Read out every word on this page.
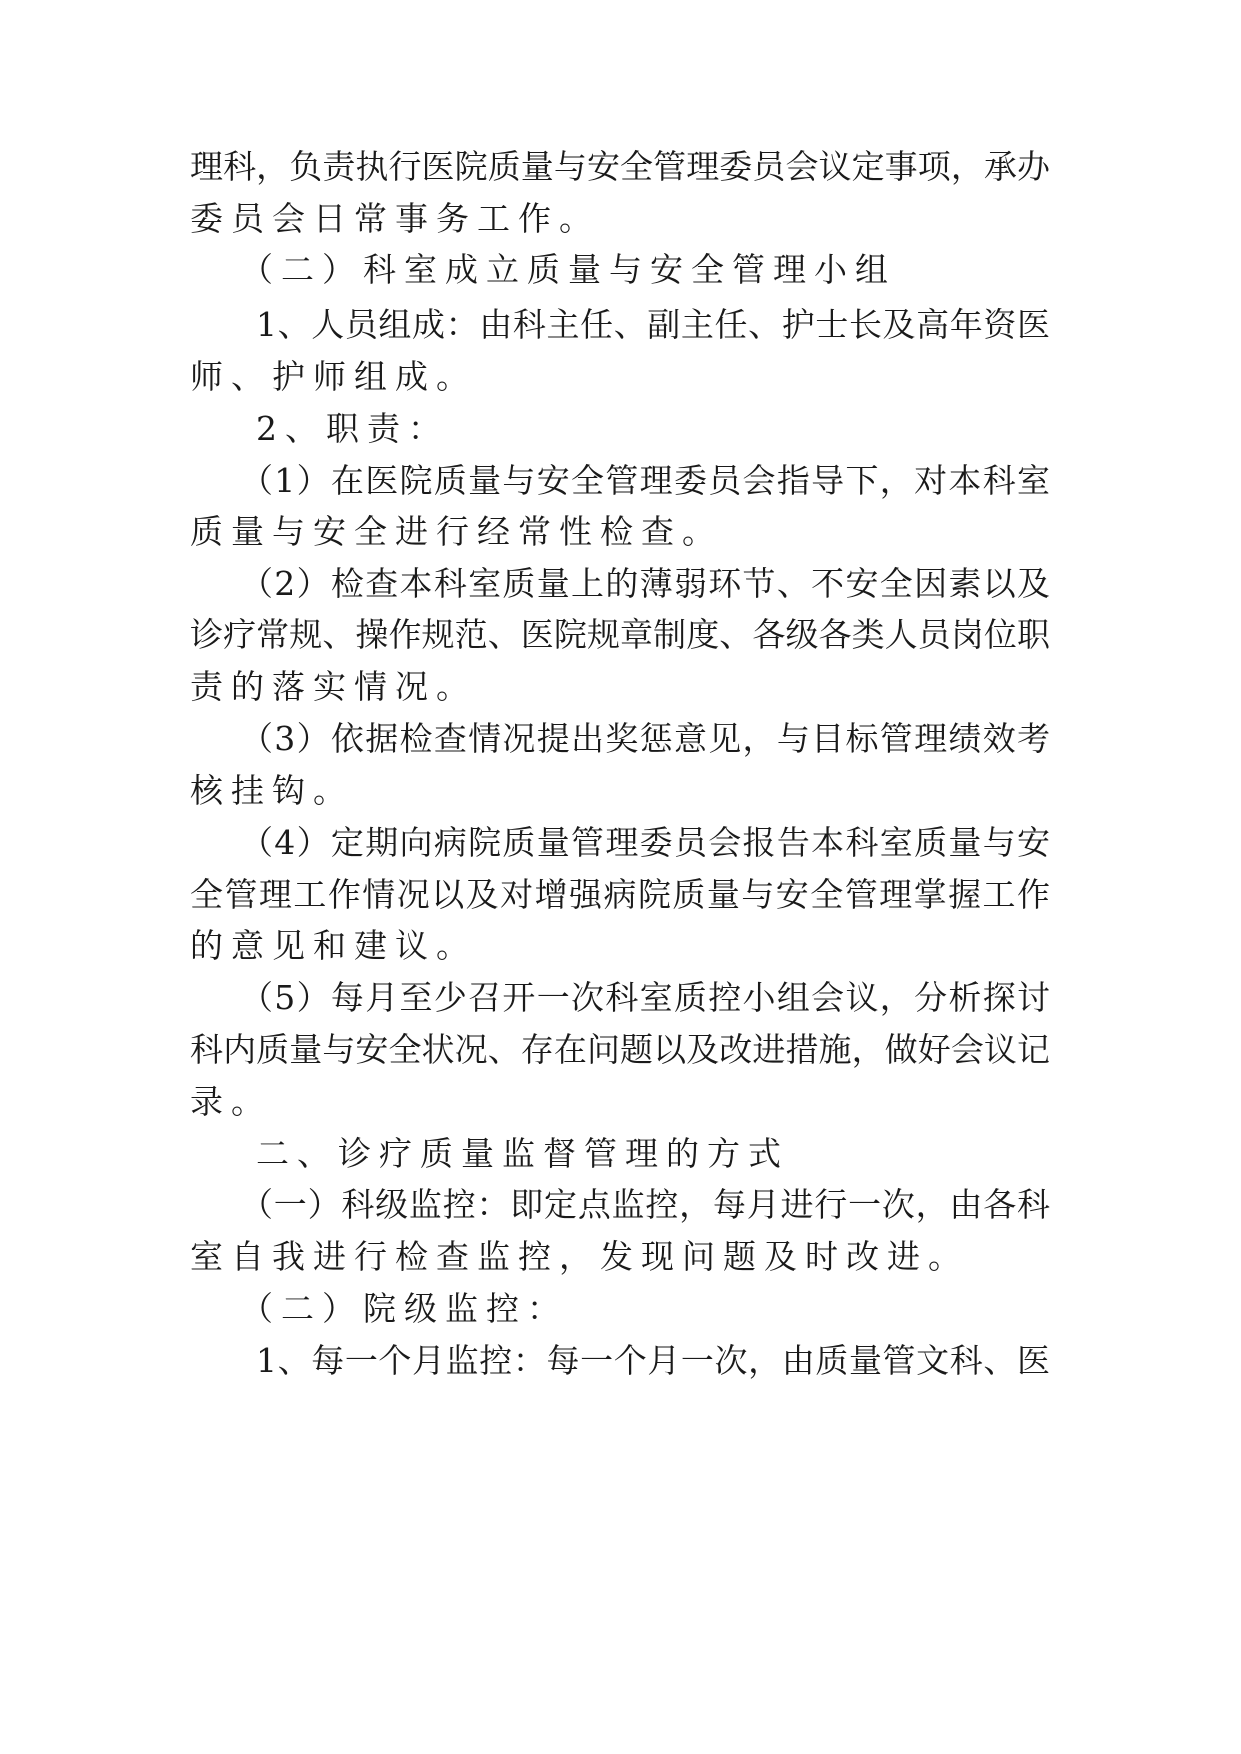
理科，负责执行医院质量与安全管理委员会议定事项，承办
委员会日常事务工作。
（二）科室成立质量与安全管理小组
1、人员组成：由科主任、副主任、护士长及高年资医
师、护师组成。
2、职责：
（1）在医院质量与安全管理委员会指导下，对本科室
质量与安全进行经常性检查。
（2）检查本科室质量上的薄弱环节、不安全因素以及
诊疗常规、操作规范、医院规章制度、各级各类人员岗位职
责的落实情况。
（3）依据检查情况提出奖惩意见，与目标管理绩效考
核挂钩。
（4）定期向病院质量管理委员会报告本科室质量与安
全管理工作情况以及对增强病院质量与安全管理掌握工作
的意见和建议。
（5）每月至少召开一次科室质控小组会议，分析探讨
科内质量与安全状况、存在问题以及改进措施，做好会议记
录。
二、诊疗质量监督管理的方式
（一）科级监控：即定点监控，每月进行一次，由各科
室自我进行检查监控，发现问题及时改进。
（二）院级监控：
1、每一个月监控：每一个月一次，由质量管文科、医
